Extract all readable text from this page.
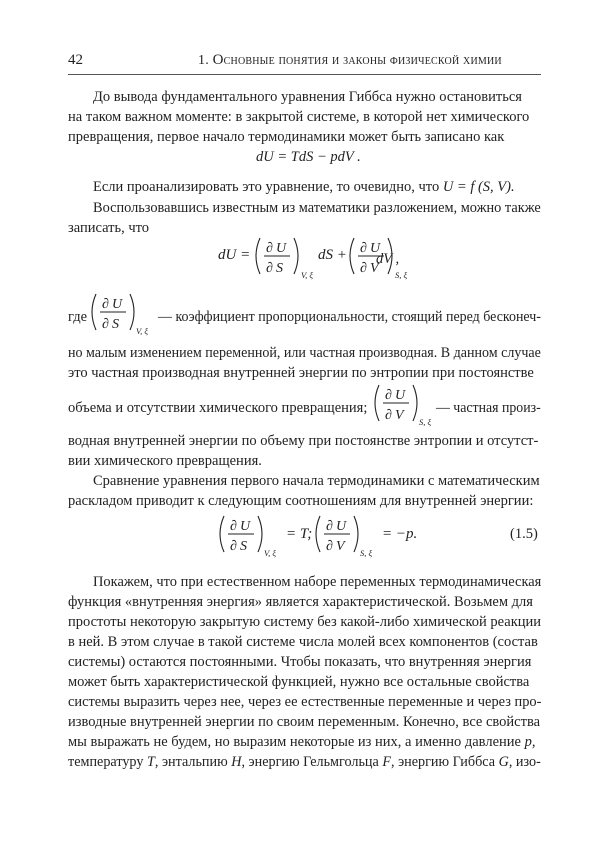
42	1. Основные понятия и законы физической химии
До вывода фундаментального уравнения Гиббса нужно остановиться
на таком важном моменте: в закрытой системе, в которой нет химического
превращения, первое начало термодинамики может быть записано как
dU = TdS − pdV .
Если проанализировать это уравнение, то очевидно, что U = f (S, V).
Воспользовавшись известным из математики разложением, можно также
записать, что
dU = ∂ U
∂ S V, ξ
dS + ∂ U
∂ V S, ξ
dV ,
где
∂ U
∂ S V, ξ
— коэффициент пропорциональности, стоящий перед бесконеч-
но малым изменением переменной, или частная производная. В данном случае
это частная производная внутренней энергии по энтропии при постоянстве
объема и отсутствии химического превращения;
∂ U
∂ V S, ξ
— частная произ-
водная внутренней энергии по объему при постоянстве энтропии и отсутст-
вии химического превращения.
Сравнение уравнения первого начала термодинамики с математическим
раскладом приводит к следующим соотношениям для внутренней энергии:
∂ U
∂ S V, ξ
= T; ∂ U
∂ V S, ξ
= −p.	(1.5)
Покажем, что при естественном наборе переменных термодинамическая
функция «внутренняя энергия» является характеристической. Возьмем для
простоты некоторую закрытую систему без какой-либо химической реакции
в ней. В этом случае в такой системе числа молей всех компонентов (состав
системы) остаются постоянными. Чтобы показать, что внутренняя энергия
может быть характеристической функцией, нужно все остальные свойства
системы выразить через нее, через ее естественные переменные и через про-
изводные внутренней энергии по своим переменным. Конечно, все свойства
мы выражать не будем, но выразим некоторые из них, а именно давление p,
температуру T, энтальпию H, энергию Гельмгольца F, энергию Гиббса G, изо-
